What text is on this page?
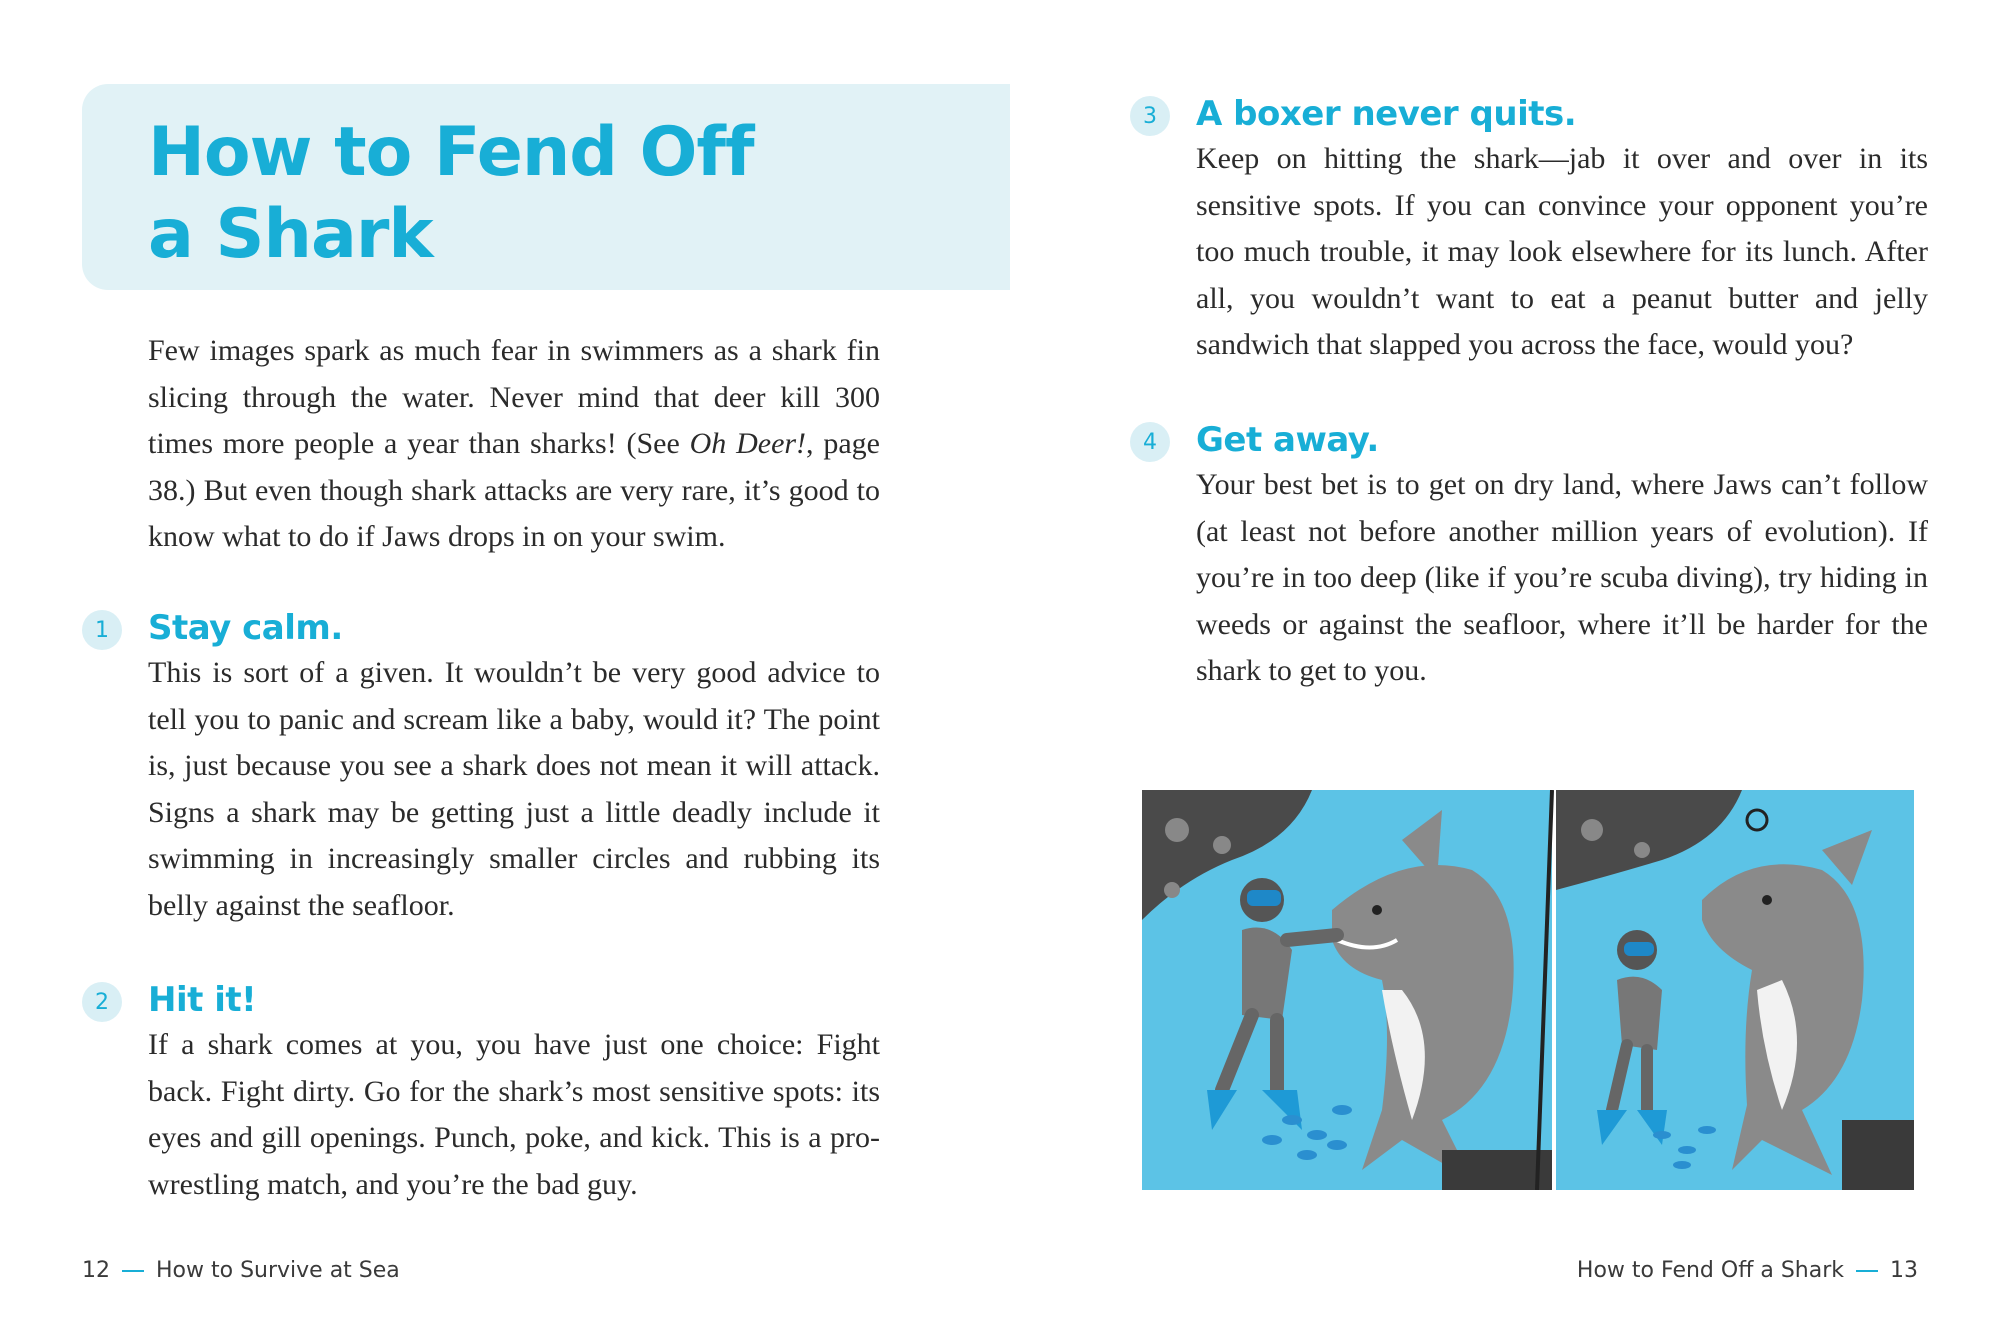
How to Fend Off
a Shark

Few images spark as much fear in swimmers as a shark fin slicing through the water. Never mind that deer kill 300 times more people a year than sharks! (See Oh Deer!, page 38.) But even though shark attacks are very rare, it’s good to know what to do if Jaws drops in on your swim.

1	Stay calm.

This is sort of a given. It wouldn’t be very good advice to tell you to panic and scream like a baby, would it? The point is, just because you see a shark does not mean it will attack. Signs a shark may be getting just a little deadly include it swimming in increasingly smaller circles and rubbing its belly against the seafloor.

2	Hit it!

If a shark comes at you, you have just one choice: Fight back. Fight dirty. Go for the shark’s most sensitive spots: its eyes and gill openings. Punch, poke, and kick. This is a pro-wrestling match, and you’re the bad guy.

12 How to Survive at Sea
3	A boxer never quits.

Keep on hitting the shark—jab it over and over in its sensitive spots. If you can convince your opponent you’re too much trouble, it may look elsewhere for its lunch. After all, you wouldn’t want to eat a peanut butter and jelly sandwich that slapped you across the face, would you?

4	Get away.

Your best bet is to get on dry land, where Jaws can’t follow (at least not before another million years of evolution). If you’re in too deep (like if you’re scuba diving), try hiding in weeds or against the seafloor, where it’ll be harder for the shark to get to you.

How to Fend Off a Shark 13
